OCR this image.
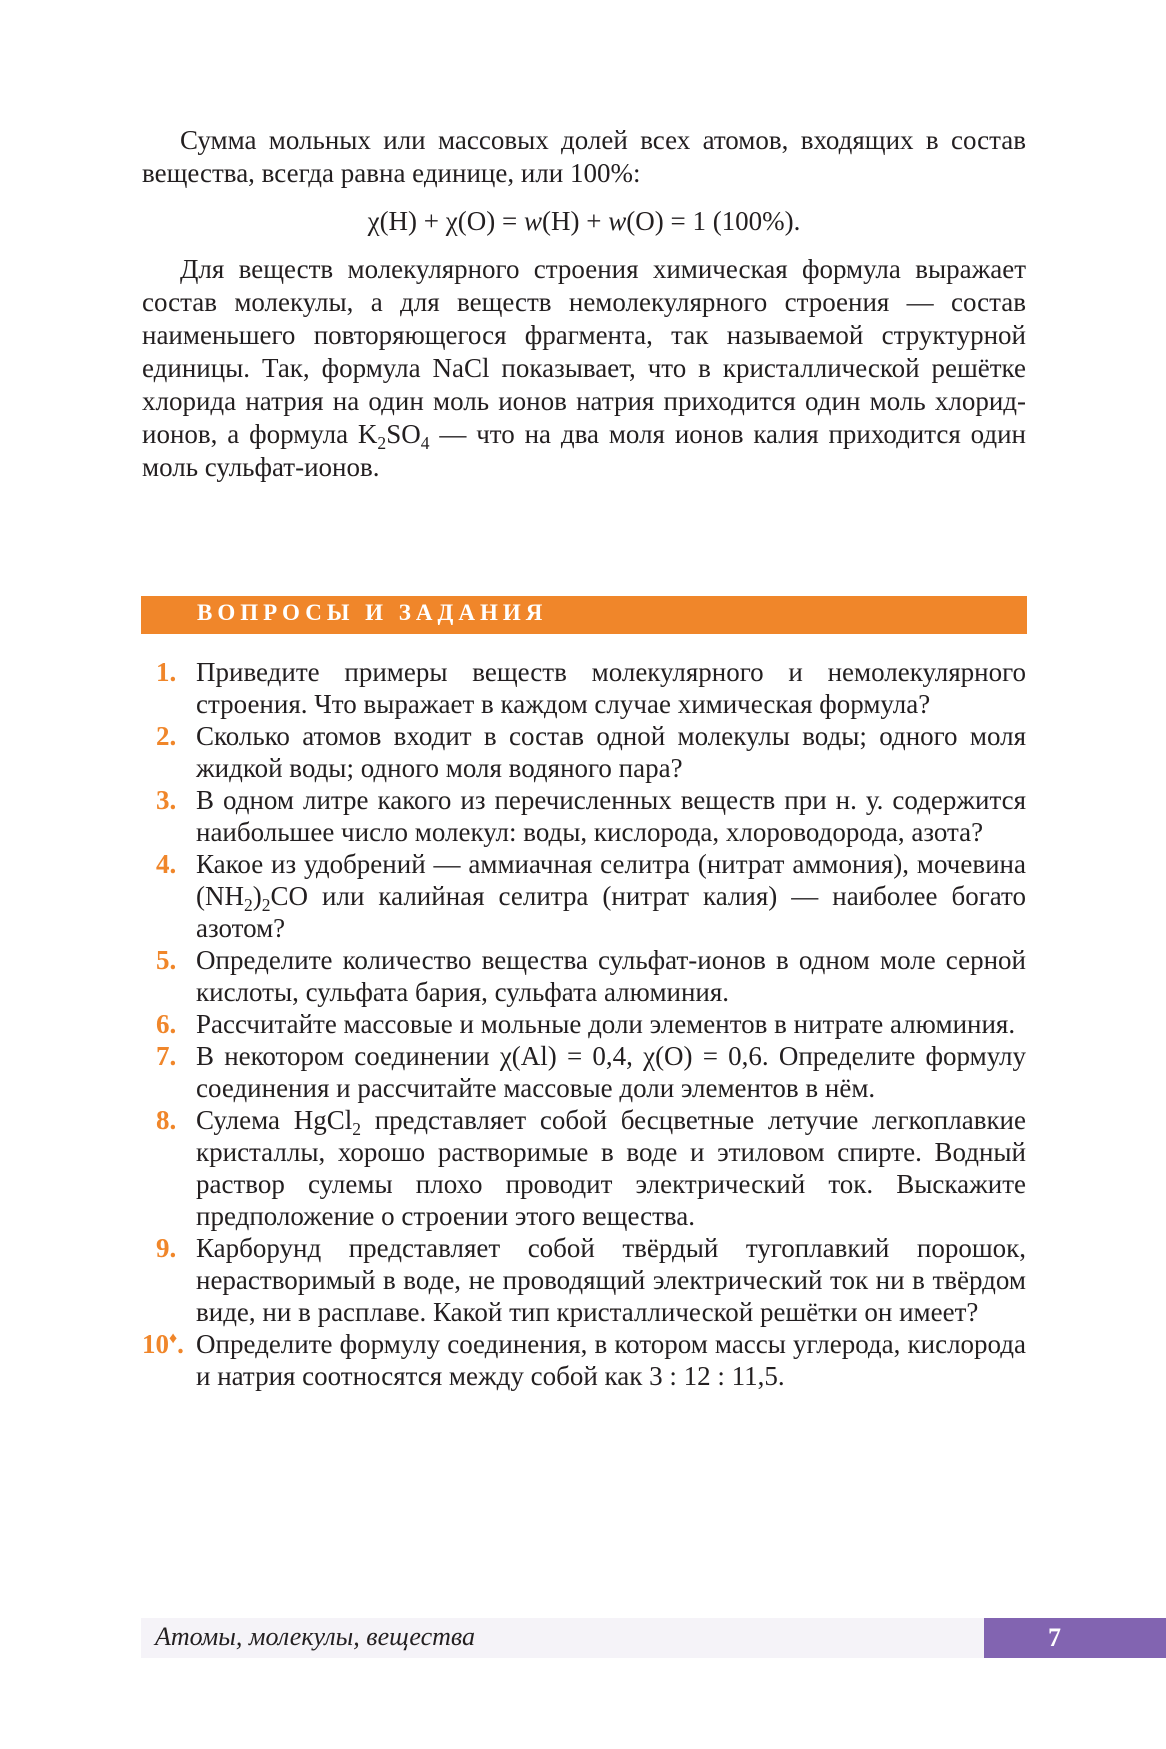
Сумма мольных или массовых долей всех атомов, входящих в состав вещества, всегда равна единице, или 100%:

χ(H) + χ(O) = w(H) + w(O) = 1 (100%).

Для веществ молекулярного строения химическая формула выражает состав молекулы, а для веществ немолекулярного строения — состав наименьшего повторяющегося фрагмента, так называемой структурной единицы. Так, формула NaCl показывает, что в кристаллической решётке хлорида натрия на один моль ионов натрия приходится один моль хлорид-ионов, а формула $K_2SO_4$ — что на два моля ионов калия приходится один моль сульфат-ионов.

ВОПРОСЫ И ЗАДАНИЯ
1. Приведите примеры веществ молекулярного и немолекулярного строения. Что выражает в каждом случае химическая формула?
2. Сколько атомов входит в состав одной молекулы воды; одного моля жидкой воды; одного моля водяного пара?
3. В одном литре какого из перечисленных веществ при н. у. содержится наибольшее число молекул: воды, кислорода, хлороводорода, азота?
4. Какое из удобрений — аммиачная селитра (нитрат аммония), мочевина $(NH_2)_2CO$ или калийная селитра (нитрат калия) — наиболее богато азотом?
5. Определите количество вещества сульфат-ионов в одном моле серной кислоты, сульфата бария, сульфата алюминия.
6. Рассчитайте массовые и мольные доли элементов в нитрате алюминия.
7. В некотором соединении χ(Al) = 0,4, χ(O) = 0,6. Определите формулу соединения и рассчитайте массовые доли элементов в нём.
8. Сулема HgCl$_2$ представляет собой бесцветные летучие легкоплавкие кристаллы, хорошо растворимые в воде и этиловом спирте. Водный раствор сулемы плохо проводит электрический ток. Выскажите предположение о строении этого вещества.
9. Карборунд представляет собой твёрдый тугоплавкий порошок, нерастворимый в воде, не проводящий электрический ток ни в твёрдом виде, ни в расплаве. Какой тип кристаллической решётки он имеет?
10♦. Определите формулу соединения, в котором массы углерода, кислорода и натрия соотносятся между собой как 3 : 12 : 11,5.
Атомы, молекулы, вещества	7
